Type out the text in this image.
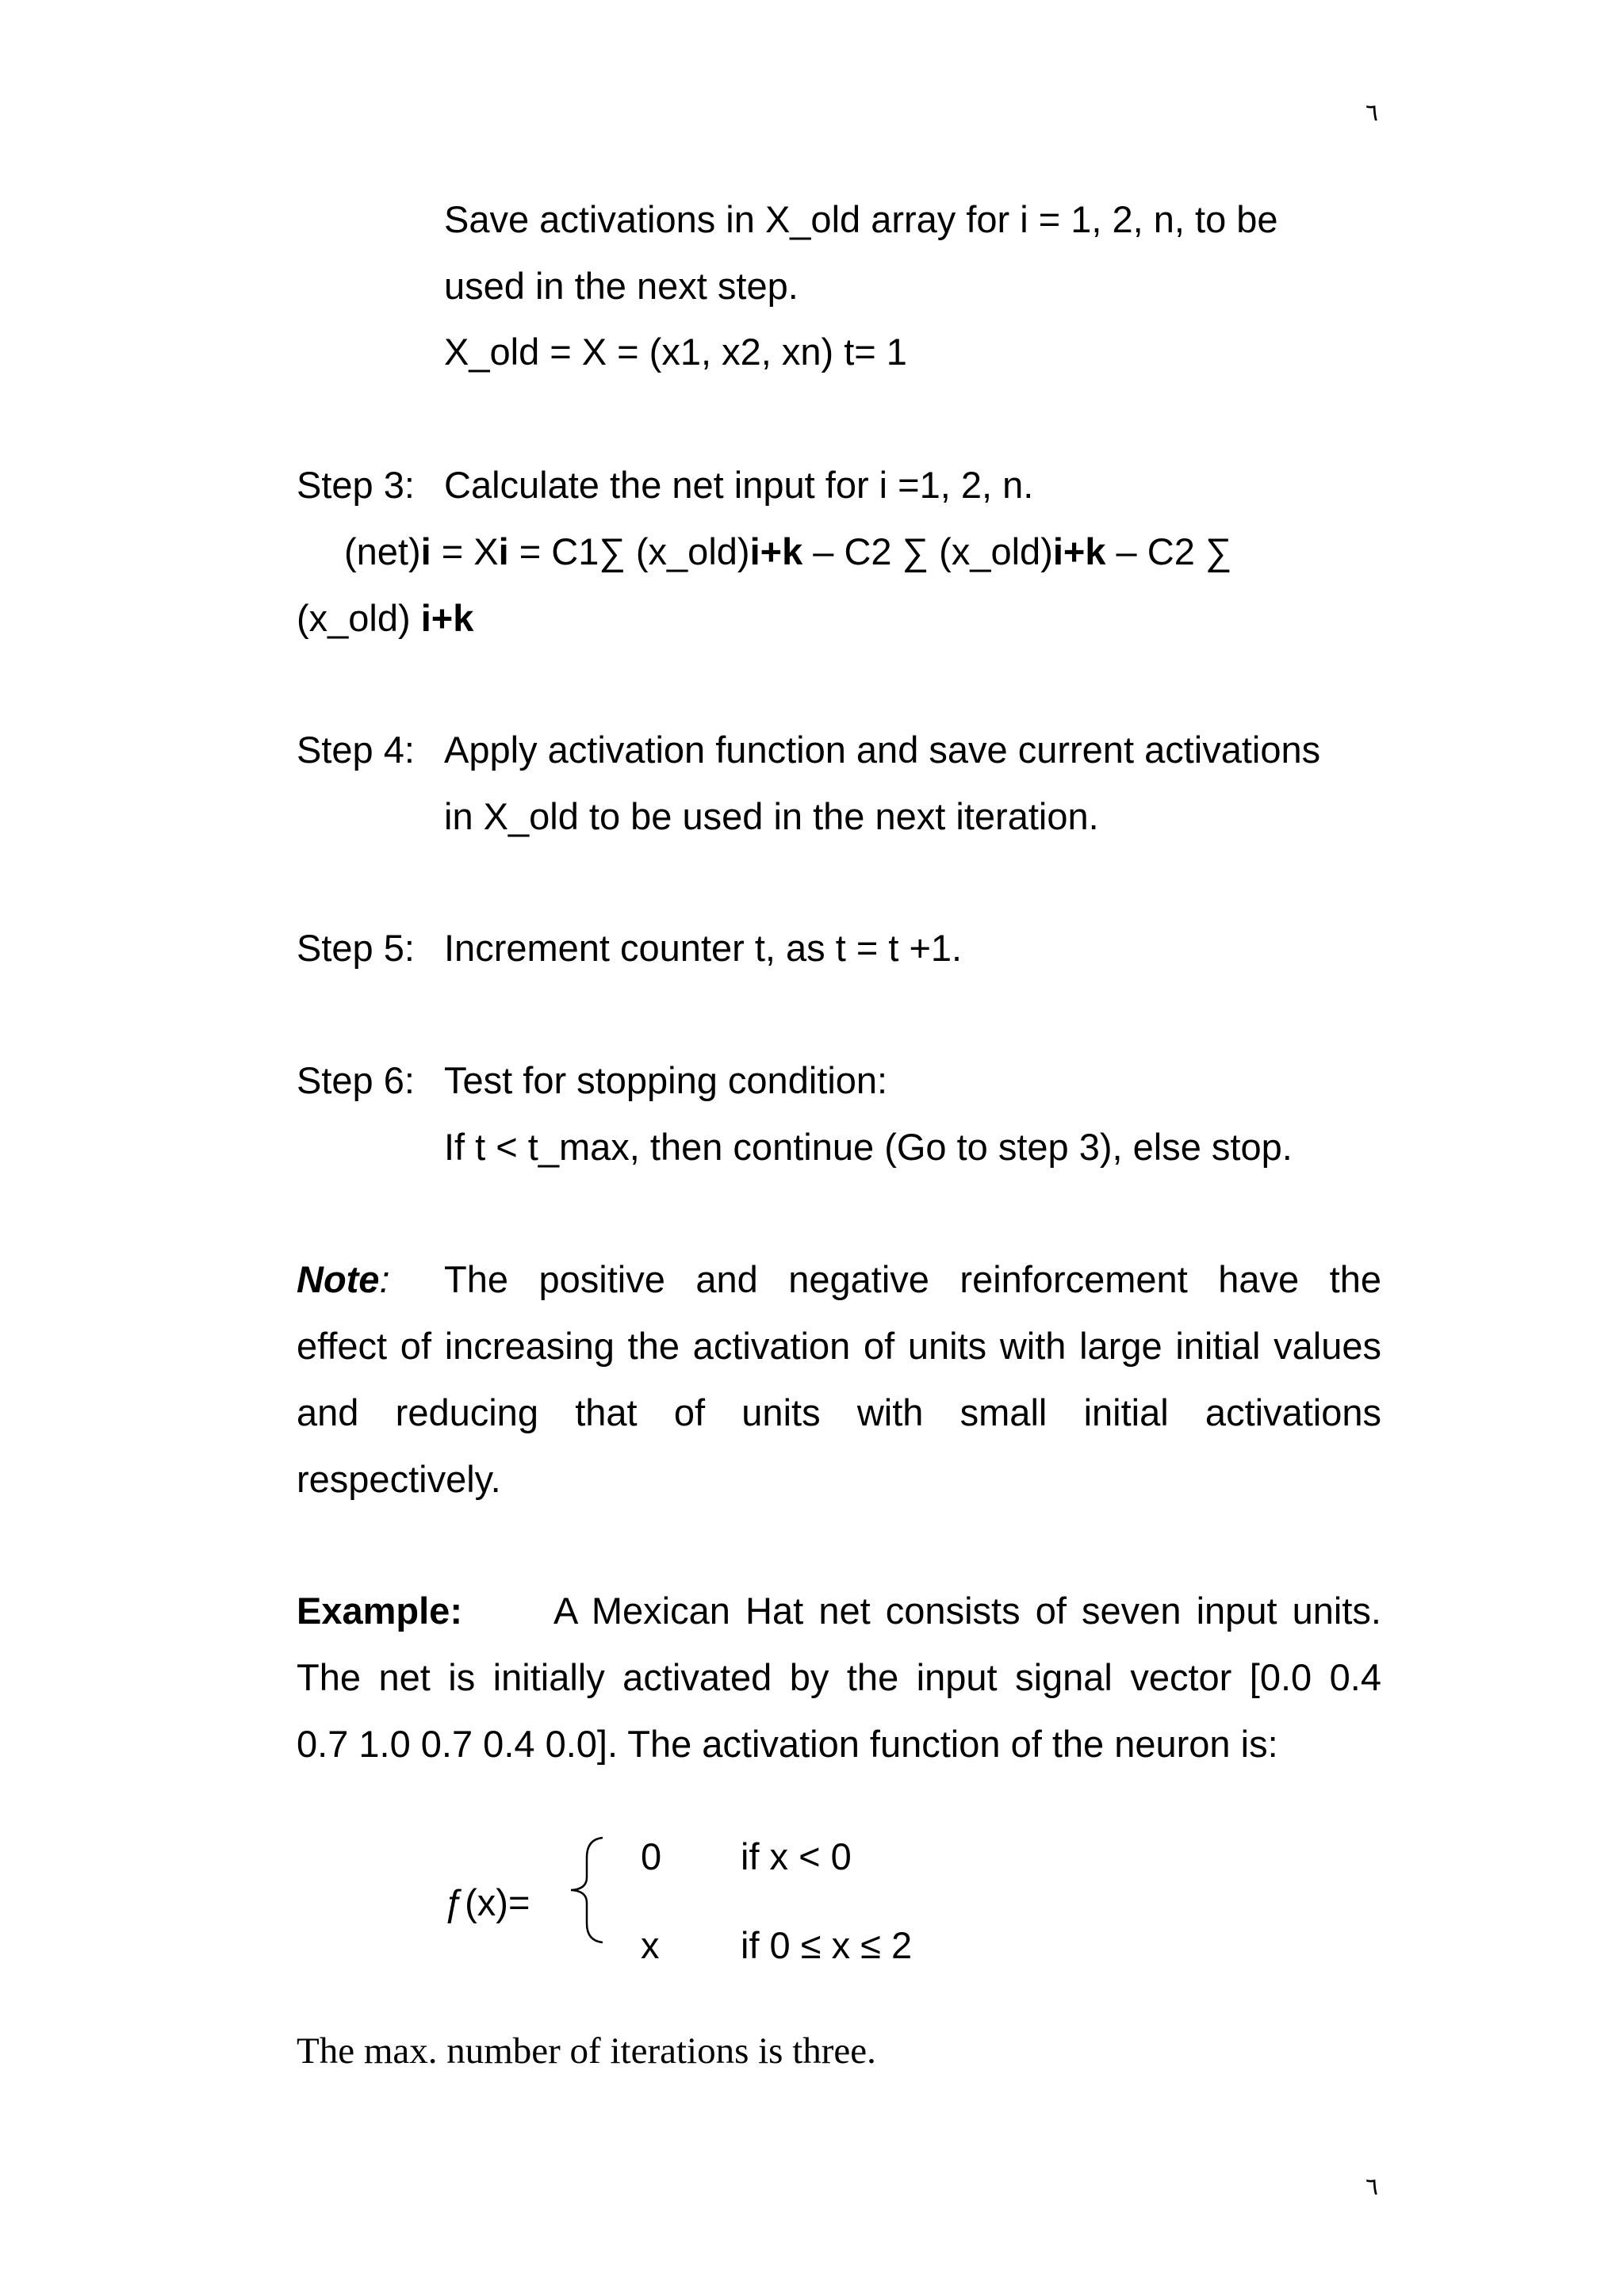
٦
Save activations in X_old array for i = 1, 2, n, to be
used in the next step.
X_old = X = (x1, x2, xn) t= 1
Step 3: Calculate the net input for i =1, 2, n.
(net)i = Xi = C1∑ (x_old)i+k – C2 ∑ (x_old)i+k – C2 ∑
(x_old) i+k
Step 4: Apply activation function and save current activations
in X_old to be used in the next iteration.
Step 5: Increment counter t, as t = t +1.
Step 6: Test for stopping condition:
If t < t_max, then continue (Go to step 3), else stop.
Note: The positive and negative reinforcement have the
effect of increasing the activation of units with large initial values
and reducing that of units with small initial activations
respectively.
Example: A Mexican Hat net consists of seven input units.
The net is initially activated by the input signal vector [0.0 0.4
0.7 1.0 0.7 0.4 0.0]. The activation function of the neuron is:
ƒ(x)=
0 if x < 0
x if 0 ≤ x ≤ 2
The max. number of iterations is three.
٦
